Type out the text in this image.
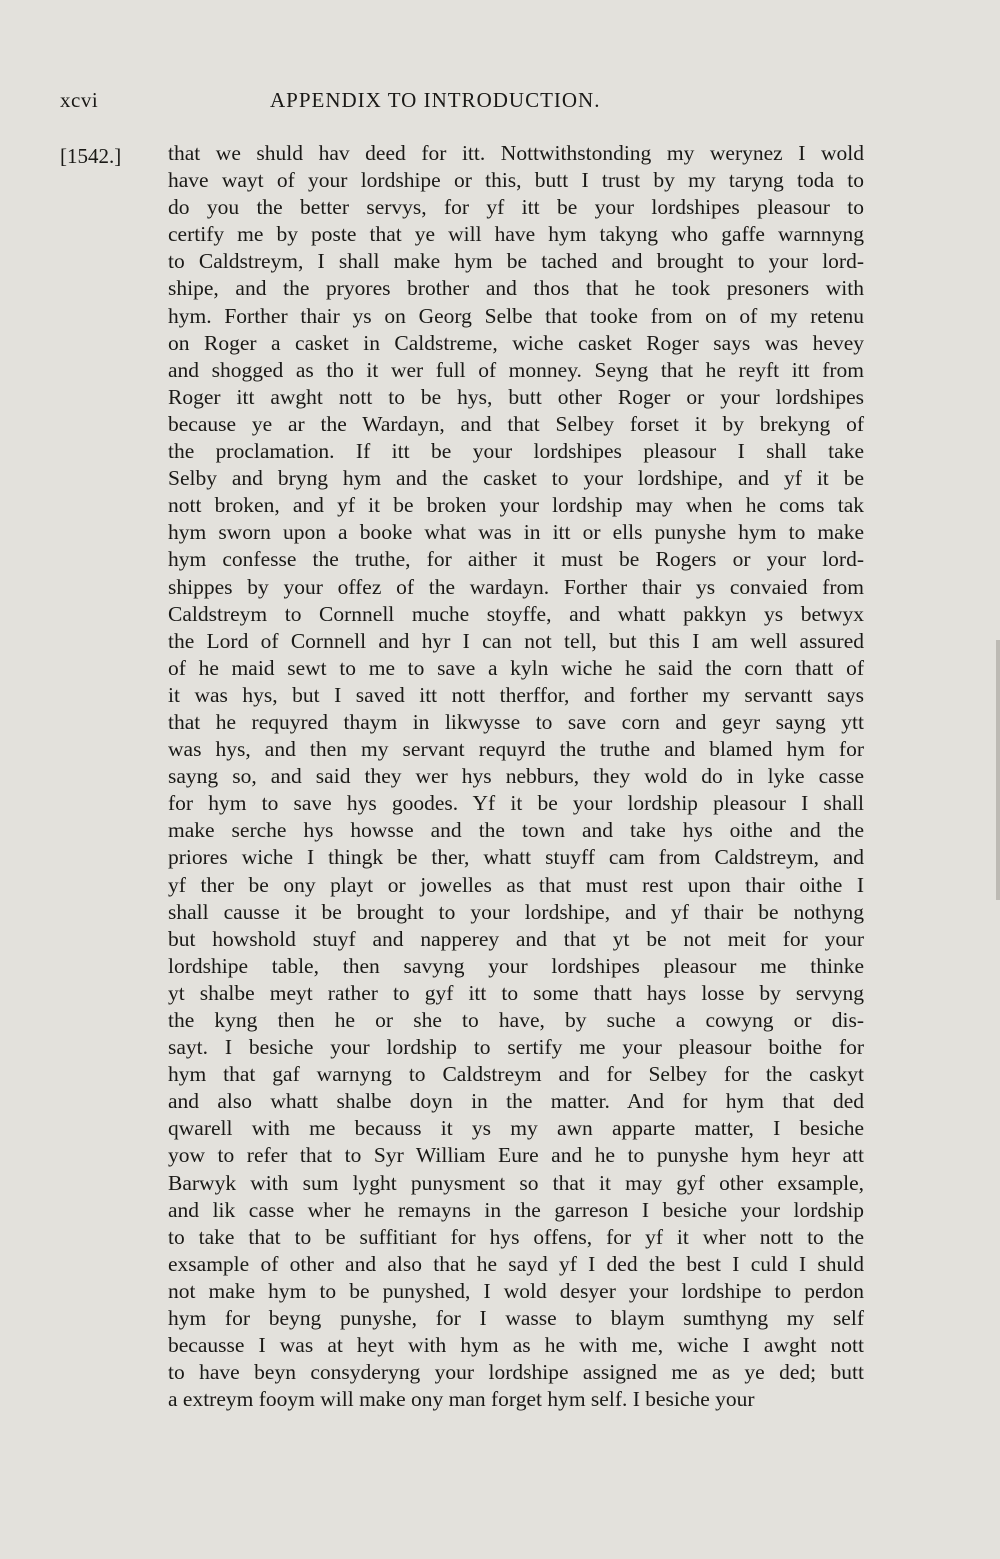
xcvi	APPENDIX TO INTRODUCTION.
[1542.] that we shuld hav deed for itt. Nottwithstonding my werynez I wold
have wayt of your lordshipe or this, butt I trust by my taryng toda to
do you the better servys, for yf itt be your lordshipes pleasour to
certify me by poste that ye will have hym takyng who gaffe warnnyng
to Caldstreym, I shall make hym be tached and brought to your lord-
shipe, and the pryores brother and thos that he took presoners with
hym. Forther thair ys on Georg Selbe that tooke from on of my retenu
on Roger a casket in Caldstreme, wiche casket Roger says was hevey
and shogged as tho it wer full of monney. Seyng that he reyft itt from
Roger itt awght nott to be hys, butt other Roger or your lordshipes
because ye ar the Wardayn, and that Selbey forset it by brekyng of
the proclamation. If itt be your lordshipes pleasour I shall take
Selby and bryng hym and the casket to your lordshipe, and yf it be
nott broken, and yf it be broken your lordship may when he coms tak
hym sworn upon a booke what was in itt or ells punyshe hym to make
hym confesse the truthe, for aither it must be Rogers or your lord-
shippes by your offez of the wardayn. Forther thair ys convaied from
Caldstreym to Cornnell muche stoyffe, and whatt pakkyn ys betwyx
the Lord of Cornnell and hyr I can not tell, but this I am well assured
of he maid sewt to me to save a kyln wiche he said the corn thatt of
it was hys, but I saved itt nott therffor, and forther my servantt says
that he requyred thaym in likwysse to save corn and geyr sayng ytt
was hys, and then my servant requyrd the truthe and blamed hym for
sayng so, and said they wer hys nebburs, they wold do in lyke casse
for hym to save hys goodes. Yf it be your lordship pleasour I shall
make serche hys howsse and the town and take hys oithe and the
priores wiche I thingk be ther, whatt stuyff cam from Caldstreym, and
yf ther be ony playt or jowelles as that must rest upon thair oithe I
shall causse it be brought to your lordshipe, and yf thair be nothyng
but howshold stuyf and napperey and that yt be not meit for your
lordshipe table, then savyng your lordshipes pleasour me thinke
yt shalbe meyt rather to gyf itt to some thatt hays losse by servyng
the kyng then he or she to have, by suche a cowyng or dis-
sayt. I besiche your lordship to sertify me your pleasour boithe for
hym that gaf warnyng to Caldstreym and for Selbey for the caskyt
and also whatt shalbe doyn in the matter. And for hym that ded
qwarell with me becauss it ys my awn apparte matter, I besiche
yow to refer that to Syr William Eure and he to punyshe hym heyr att
Barwyk with sum lyght punysment so that it may gyf other exsample,
and lik casse wher he remayns in the garreson I besiche your lordship
to take that to be suffitiant for hys offens, for yf it wher nott to the
exsample of other and also that he sayd yf I ded the best I culd I shuld
not make hym to be punyshed, I wold desyer your lordshipe to perdon
hym for beyng punyshe, for I wasse to blaym sumthyng my self
becausse I was at heyt with hym as he with me, wiche I awght nott
to have beyn consyderyng your lordshipe assigned me as ye ded; butt
a extreym fooym will make ony man forget hym self. I besiche your
